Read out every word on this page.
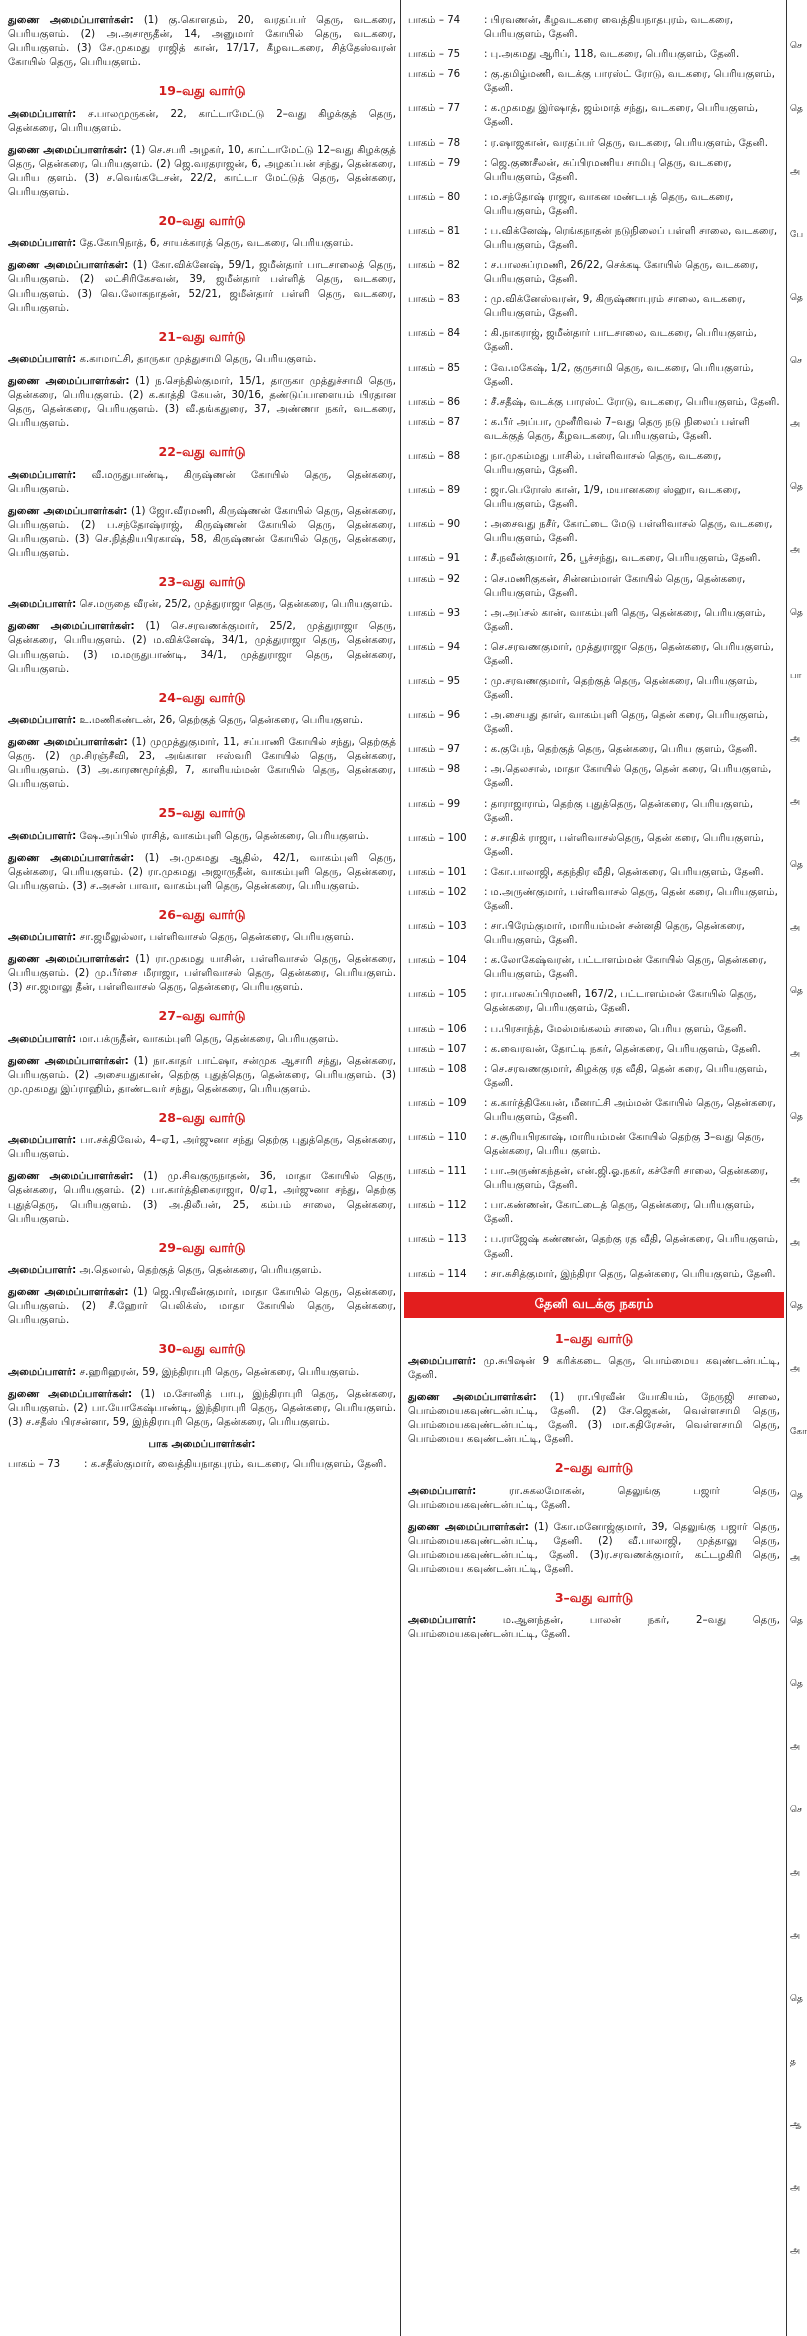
துணை அமைப்பாளர்கள்: (1) கு.கொளதம், 20, வரதப்பர் தெரு, வடகரை, பெரியகுளம். (2) அ.அசாரூதீன், 14, அனுமார் கோயில் தெரு, வடகரை, பெரியகுளம். (3) சே.முகமது ராஜித் கான், 17/17, கீழவடகரை, சித்தேஸ்வரன் கோயில் தெரு, பெரியகுளம்.

19–வது வார்டு

அமைப்பாளர்: ச.பாலமுருகன், 22, காட்டாமேட்டு 2–வது கிழக்குத் தெரு, தென்கரை, பெரியகுளம்.

துணை அமைப்பாளர்கள்: (1) செ.சபரி அழகர், 10, காட்டாமேட்டு 12–வது கிழக்குத் தெரு, தென்கரை, பெரியகுளம். (2) ஜெ.வரதராஜன், 6, அழகப்பன் சந்து, தென்கரை, பெரிய குளம். (3) ச.வெங்கடேசன், 22/2, காட்டா மேட்டுத் தெரு, தென்கரை, பெரியகுளம்.

20–வது வார்டு

அமைப்பாளர்: தே.கோபிநாத், 6, சாயக்காரத் தெரு, வடகரை, பெரியகுளம்.

துணை அமைப்பாளர்கள்: (1) கோ.விக்னேஷ், 59/1, ஜமீன்தார் பாடசாலைத் தெரு, பெரியகுளம். (2) லட்சிரிகேசவன், 39, ஜமீன்தார் பள்ளித் தெரு, வடகரை, பெரியகுளம். (3) வெ.லோகநாதன், 52/21, ஜமீன்தார் பள்ளி தெரு, வடகரை, பெரியகுளம்.

21–வது வார்டு

அமைப்பாளர்: க.காமாட்சி, தாருகா முத்துசாமி தெரு, பெரியகுளம்.

துணை அமைப்பாளர்கள்: (1) ந.செந்தில்குமார், 15/1, தாருகா முத்துச்சாமி தெரு, தென்கரை, பெரியகுளம். (2) க.காத்தி கேயன், 30/16, தண்டுப்பாளையம் பிரதான தெரு, தென்கரை, பெரியகுளம். (3) வீ.தங்கதுரை, 37, அண்ணா நகர், வடகரை, பெரியகுளம்.

22–வது வார்டு

அமைப்பாளர்: வீ.மருதுபாண்டி, கிருஷ்ணன் கோயில் தெரு, தென்கரை, பெரியகுளம்.

துணை அமைப்பாளர்கள்: (1) ஜோ.வீரமணி, கிருஷ்ணன் கோயில் தெரு, தென்கரை, பெரியகுளம். (2) ப.சந்தோஷ்ராஜ், கிருஷ்ணன் கோயில் தெரு, தென்கரை, பெரியகுளம். (3) செ.நித்தியபிரகாஷ், 58, கிருஷ்ணன் கோயில் தெரு, தென்கரை, பெரியகுளம்.

23–வது வார்டு

அமைப்பாளர்: செ.மருதை வீரன், 25/2, முத்துராஜா தெரு, தென்கரை, பெரியகுளம்.

துணை அமைப்பாளர்கள்: (1) செ.சரவணக்குமார், 25/2, முத்துராஜா தெரு, தென்கரை, பெரியகுளம். (2) ம.விக்னேஷ், 34/1, முத்துராஜா தெரு, தென்கரை, பெரியகுளம். (3) ம.மருதுபாண்டி, 34/1, முத்துராஜா தெரு, தென்கரை, பெரியகுளம்.

24–வது வார்டு

அமைப்பாளர்: உ.மணிகண்டன், 26, தெற்குத் தெரு, தென்கரை, பெரியகுளம்.

துணை அமைப்பாளர்கள்: (1) முமுத்துகுமார், 11, சப்பாணி கோயில் சந்து, தெற்குத் தெரு. (2) மு.சிரஞ்சீவி, 23, அங்காள ஈஸ்வரி கோயில் தெரு, தென்கரை, பெரியகுளம். (3) அ.காரணமூர்த்தி, 7, காளியம்மன் கோயில் தெரு, தென்கரை, பெரியகுளம்.

25–வது வார்டு

அமைப்பாளர்: ஷே.அப்பில் ராசித், வாகம்புளி தெரு, தென்கரை, பெரியகுளம்.

துணை அமைப்பாளர்கள்: (1) அ.முகமது ஆதில், 42/1, வாகம்புளி தெரு, தென்கரை, பெரியகுளம். (2) ரா.முகமது அஜாருதீன், வாகம்புளி தெரு, தென்கரை, பெரியகுளம். (3) ச.அசன் பாவா, வாகம்புளி தெரு, தென்கரை, பெரியகுளம்.

26–வது வார்டு

அமைப்பாளர்: சா.ஜமீலுல்லா, பள்ளிவாசல் தெரு, தென்கரை, பெரியகுளம்.

துணை அமைப்பாளர்கள்: (1) ரா.முகமது யாசின், பள்ளிவாசல் தெரு, தென்கரை, பெரியகுளம். (2) மு.பீர்சை மீராஜா, பள்ளிவாசல் தெரு, தென்கரை, பெரியகுளம். (3) சா.ஜமாலு தீன், பள்ளிவாசல் தெரு, தென்கரை, பெரியகுளம்.

27–வது வார்டு

அமைப்பாளர்: மா.பக்ருதீன், வாகம்புளி தெரு, தென்கரை, பெரியகுளம்.

துணை அமைப்பாளர்கள்: (1) நா.காதர் பாட்ஷா, சன்முக ஆசாரி சந்து, தென்கரை, பெரியகுளம். (2) அசையதுகான், தெற்கு புதுத்தெரு, தென்கரை, பெரியகுளம். (3) மு.முகமது இப்ராஹிம், தாண்டவர் சந்து, தென்கரை, பெரியகுளம்.

28–வது வார்டு

அமைப்பாளர்: பா.சக்திவேல், 4–ஏ1, அர்ஜுனா சந்து தெற்கு புதுத்தெரு, தென்கரை, பெரியகுளம்.

துணை அமைப்பாளர்கள்: (1) மு.சிவகுருநாதன், 36, மாதா கோயில் தெரு, தென்கரை, பெரியகுளம். (2) பா.கார்த்திகைராஜா, 0/ஏ1, அர்ஜுனா சந்து, தெற்கு புதுத்தெரு, பெரியகுளம். (3) அ.திலீபன், 25, கம்பம் சாலை, தென்கரை, பெரியகுளம்.

29–வது வார்டு

அமைப்பாளர்: அ.தெலால், தெற்குத் தெரு, தென்கரை, பெரியகுளம்.

துணை அமைப்பாளர்கள்: (1) ஜெ.பிரவீன்குமார், மாதா கோயில் தெரு, தென்கரை, பெரியகுளம். (2) சீ.ஹோர் பெலிக்ஸ், மாதா கோயில் தெரு, தென்கரை, பெரியகுளம்.

30–வது வார்டு

அமைப்பாளர்: ச.ஹரிஹரன், 59, இந்திராபுரி தெரு, தென்கரை, பெரியகுளம்.

துணை அமைப்பாளர்கள்: (1) ம.சோனித் பாபு, இந்திராபுரி தெரு, தென்கரை, பெரியகுளம். (2) பா.யோகேஷ்பாண்டி, இந்திராபுரி தெரு, தென்கரை, பெரியகுளம். (3) ச.சதீஸ் பிரசன்னா, 59, இந்திராபுரி தெரு, தென்கரை, பெரியகுளம்.

பாக அமைப்பாளர்கள்:
பாகம் – 73	: க.சதீஸ்குமார், வைத்தியநாதபுரம், வடகரை, பெரியகுளம், தேனி.
பாகம் – 74	: பிரவணன், கீழவடகரை வைத்தியநாதபுரம், வடகரை, பெரியகுளம், தேனி.
பாகம் – 75	: பு.அகமது ஆரிப், 118, வடகரை, பெரியகுளம், தேனி.
பாகம் – 76	: கு.தமிழ்மணி, வடக்கு பாரஸ்ட் ரோடு, வடகரை, பெரியகுளம், தேனி.
பாகம் – 77	: க.முகமது இர்ஷாத், ஜம்மாத் சந்து, வடகரை, பெரியகுளம், தேனி.
பாகம் – 78	: ர.ஷாஜகான், வரதப்பர் தெரு, வடகரை, பெரியகுளம், தேனி.
பாகம் – 79	: ஜெ.குணசீலன், சுப்பிரமணிய சாமிபு தெரு, வடகரை, பெரியகுளம், தேனி.
பாகம் – 80	: ம.சந்தோஷ் ராஜா, வாகன மண்டபத் தெரு, வடகரை, பெரியகுளம், தேனி.
பாகம் – 81	: ப.விக்னேஷ், ரெங்கநாதன் நடுநிலைப் பள்ளி சாலை, வடகரை, பெரியகுளம், தேனி.
பாகம் – 82	: ச.பாலசுப்ரமணி, 26/22, செக்கடி கோயில் தெரு, வடகரை, பெரியகுளம், தேனி.
பாகம் – 83	: மு.விக்னேஸ்வரன், 9, கிருஷ்ணாபுரம் சாலை, வடகரை, பெரியகுளம், தேனி.
பாகம் – 84	: கி.நாகராஜ், ஜமீன்தார் பாடசாலை, வடகரை, பெரியகுளம், தேனி.
பாகம் – 85	: வே.மகேஷ், 1/2, குருசாமி தெரு, வடகரை, பெரியகுளம், தேனி.
பாகம் – 86	: சீ.சதீஷ், வடக்கு பாரஸ்ட் ரோடு, வடகரை, பெரியகுளம், தேனி.
பாகம் – 87	: க.பீர் அப்பா, முனீரிவல் 7–வது தெரு நடு நிலைப் பள்ளி வடக்குத் தெரு, கீழவடகரை, பெரியகுளம், தேனி.
பாகம் – 88	: நா.முகம்மது பாசில், பள்ளிவாசல் தெரு, வடகரை, பெரியகுளம், தேனி.
பாகம் – 89	: ஜா.பெரோஸ் கான், 1/9, மயானகரை ஸ்ஹா, வடகரை, பெரியகுளம், தேனி.
பாகம் – 90	: அசைவது நசீர், கோட்டை மேடு பள்ளிவாசல் தெரு, வடகரை, பெரியகுளம், தேனி.
பாகம் – 91	: சீ.நவீன்குமார், 26, பூச்சந்து, வடகரை, பெரியகுளம், தேனி.
பாகம் – 92	: செ.மணிகுகன், சின்னம்மாள் கோயில் தெரு, தென்கரை, பெரியகுளம், தேனி.
பாகம் – 93	: அ.அப்சல் கான், வாகம்புளி தெரு, தென்கரை, பெரியகுளம், தேனி.
பாகம் – 94	: செ.சரவணகுமார், முத்துராஜா தெரு, தென்கரை, பெரியகுளம், தேனி.
பாகம் – 95	: மு.சரவணகுமார், தெற்குத் தெரு, தென்கரை, பெரியகுளம், தேனி.
பாகம் – 96	: அ.சையது தாள், வாகம்புளி தெரு, தென் கரை, பெரியகுளம், தேனி.
பாகம் – 97	: க.குபேந், தெற்குத் தெரு, தென்கரை, பெரிய குளம், தேனி.
பாகம் – 98	: அ.தெலசால், மாதா கோயில் தெரு, தென் கரை, பெரியகுளம், தேனி.
பாகம் – 99	: தாராஜாராம், தெற்கு புதுத்தெரு, தென்கரை, பெரியகுளம், தேனி.
பாகம் – 100	: ச.சாதிக் ராஜா, பள்ளிவாசல்தெரு, தென் கரை, பெரியகுளம், தேனி.
பாகம் – 101	: கோ.பாலாஜி, கதந்திர வீதி, தென்கரை, பெரியகுளம், தேனி.
பாகம் – 102	: ம.அருண்குமார், பள்ளிவாசல் தெரு, தென் கரை, பெரியகுளம், தேனி.
பாகம் – 103	: சா.பிரேம்குமார், மாரியம்மன் சன்னதி தெரு, தென்கரை, பெரியகுளம், தேனி.
பாகம் – 104	: க.லோகேஷ்வரன், பட்டாளம்மன் கோயில் தெரு, தென்கரை, பெரியகுளம், தேனி.
பாகம் – 105	: ரா.பாலசுப்பிரமணி, 167/2, பட்டாளம்மன் கோயில் தெரு, தென்கரை, பெரியகுளம், தேனி.
பாகம் – 106	: ப.பிரசாந்த், மேல்மங்கலம் சாலை, பெரிய குளம், தேனி.
பாகம் – 107	: க.வைரவன், தோட்டி நகர், தென்கரை, பெரியகுளம், தேனி.
பாகம் – 108	: செ.சரவணகுமார், கிழக்கு ரத வீதி, தென் கரை, பெரியகுளம், தேனி.
பாகம் – 109	: க.கார்த்திகேயன், மீனாட்சி அம்மன் கோயில் தெரு, தென்கரை, பெரியகுளம், தேனி.
பாகம் – 110	: ச.சூரியபிரகாஷ், மாரியம்மன் கோயில் தெற்கு 3–வது தெரு, தென்கரை, பெரிய குளம்.
பாகம் – 111	: பா.அருண்கந்தன், என்.ஜி.ஓ.நகர், கச்சேரி சாலை, தென்கரை, பெரியகுளம், தேனி.
பாகம் – 112	: பா.கண்ணன், கோட்டைத் தெரு, தென்கரை, பெரியகுளம், தேனி.
பாகம் – 113	: ப.ராஜேஷ் கண்ணன், தெற்கு ரத வீதி, தென்கரை, பெரியகுளம், தேனி.
பாகம் – 114	: சா.சுசித்குமார், இந்திரா தெரு, தென்கரை, பெரியகுளம், தேனி.
தேனி வடக்கு நகரம்
1–வது வார்டு

அமைப்பாளர்: மு.சுபிஷன் 9 கரிக்கடை தெரு, பொம்மைய கவுண்டன்பட்டி, தேனி.

துணை அமைப்பாளர்கள்: (1) ரா.பிரவீன் யோகியம், நேருஜி சாலை, பொம்மையகவுண்டன்பட்டி, தேனி. (2) சே.ஜெகன், வெள்ளசாமி தெரு, பொம்மையகவுண்டன்பட்டி, தேனி. (3) மா.கதிரேசன், வெள்ளசாமி தெரு, பொம்மைய கவுண்டன்பட்டி, தேனி.

2–வது வார்டு

அமைப்பாளர்: ரா.சுகலமோகன், தெலுங்கு பஜார் தெரு, பொம்மையகவுண்டன்பட்டி, தேனி.

துணை அமைப்பாளர்கள்: (1) கோ.மனோஜ்குமார், 39, தெலுங்கு பஜார் தெரு, பொம்மையகவுண்டன்பட்டி, தேனி. (2) வீ.பாலாஜி, முத்தாலு தெரு, பொம்மையகவுண்டன்பட்டி, தேனி. (3)ர.சரவணக்குமார், கட்டழகிரி தெரு, பொம்மைய கவுண்டன்பட்டி, தேனி.

3–வது வார்டு

அமைப்பாளர்: ம.ஆனந்தன், பாலன் நகர், 2–வது தெரு, பொம்மையகவுண்டன்பட்டி, தேனி.

செ
தெ
அ
பே
தெ
செ
அ
தெ
அ
தெ
பா
அ
அ
தெ
அ
தெ
அ
தெ
அ
அ
தெ
அ
கோ
தெ
அ
தெ
தெ
அ
செ
அ
அ
தெ
த
ஆ
அ
அ
